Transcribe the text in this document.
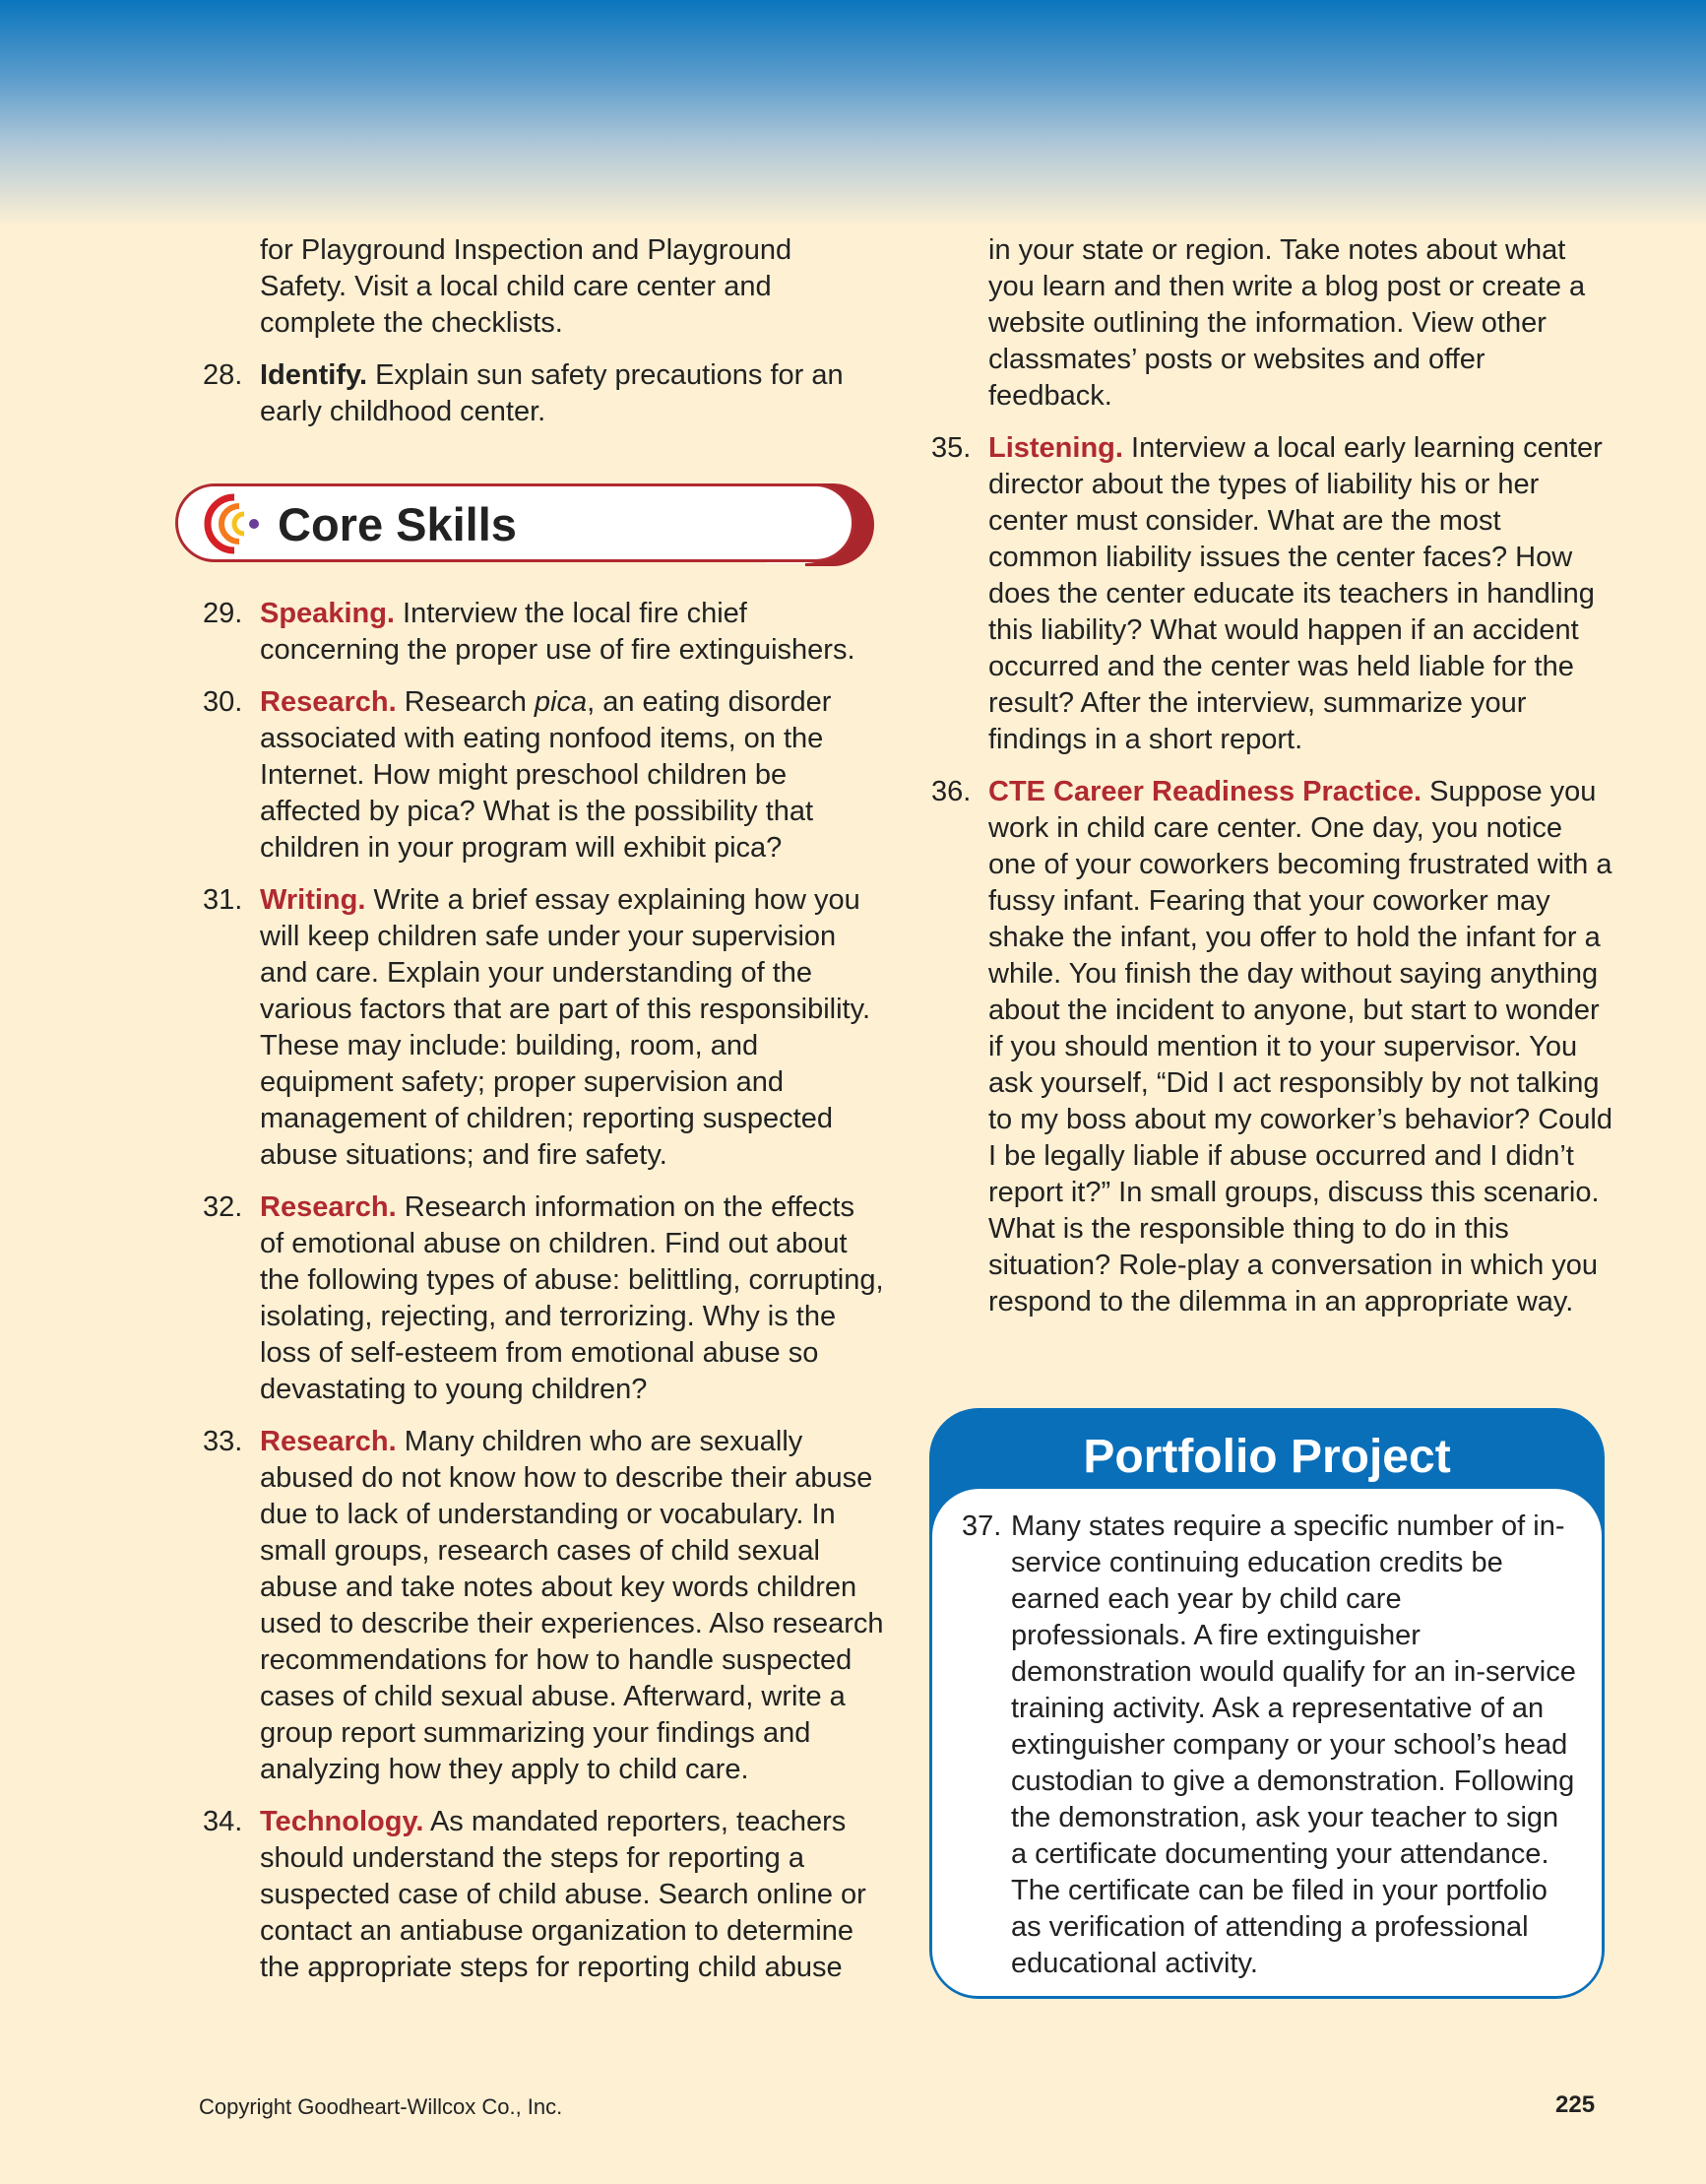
for Playground Inspection and Playground Safety. Visit a local child care center and complete the checklists.

28. Identify. Explain sun safety precautions for an early childhood center.
Core Skills
29. Speaking. Interview the local fire chief concerning the proper use of fire extinguishers.
30. Research. Research pica, an eating disorder associated with eating nonfood items, on the Internet. How might preschool children be affected by pica? What is the possibility that children in your program will exhibit pica?
31. Writing. Write a brief essay explaining how you will keep children safe under your supervision and care. Explain your understanding of the various factors that are part of this responsibility. These may include: building, room, and equipment safety; proper supervision and management of children; reporting suspected abuse situations; and fire safety.
32. Research. Research information on the effects of emotional abuse on children. Find out about the following types of abuse: belittling, corrupting, isolating, rejecting, and terrorizing. Why is the loss of self-esteem from emotional abuse so devastating to young children?
33. Research. Many children who are sexually abused do not know how to describe their abuse due to lack of understanding or vocabulary. In small groups, research cases of child sexual abuse and take notes about key words children used to describe their experiences. Also research recommendations for how to handle suspected cases of child sexual abuse. Afterward, write a group report summarizing your findings and analyzing how they apply to child care.
34. Technology. As mandated reporters, teachers should understand the steps for reporting a suspected case of child abuse. Search online or contact an antiabuse organization to determine the appropriate steps for reporting child abuse

in your state or region. Take notes about what you learn and then write a blog post or create a website outlining the information. View other classmates’ posts or websites and offer feedback.

35. Listening. Interview a local early learning center director about the types of liability his or her center must consider. What are the most common liability issues the center faces? How does the center educate its teachers in handling this liability? What would happen if an accident occurred and the center was held liable for the result? After the interview, summarize your findings in a short report.
36. CTE Career Readiness Practice. Suppose you work in child care center. One day, you notice one of your coworkers becoming frustrated with a fussy infant. Fearing that your coworker may shake the infant, you offer to hold the infant for a while. You finish the day without saying anything about the incident to anyone, but start to wonder if you should mention it to your supervisor. You ask yourself, “Did I act responsibly by not talking to my boss about my coworker’s behavior? Could I be legally liable if abuse occurred and I didn’t report it?” In small groups, discuss this scenario. What is the responsible thing to do in this situation? Role-play a conversation in which you respond to the dilemma in an appropriate way.
Portfolio Project
37. Many states require a specific number of in-service continuing education credits be earned each year by child care professionals. A fire extinguisher demonstration would qualify for an in-service training activity. Ask a representative of an extinguisher company or your school’s head custodian to give a demonstration. Following the demonstration, ask your teacher to sign a certificate documenting your attendance. The certificate can be filed in your portfolio as verification of attending a professional educational activity.
Copyright Goodheart-Willcox Co., Inc.	225
